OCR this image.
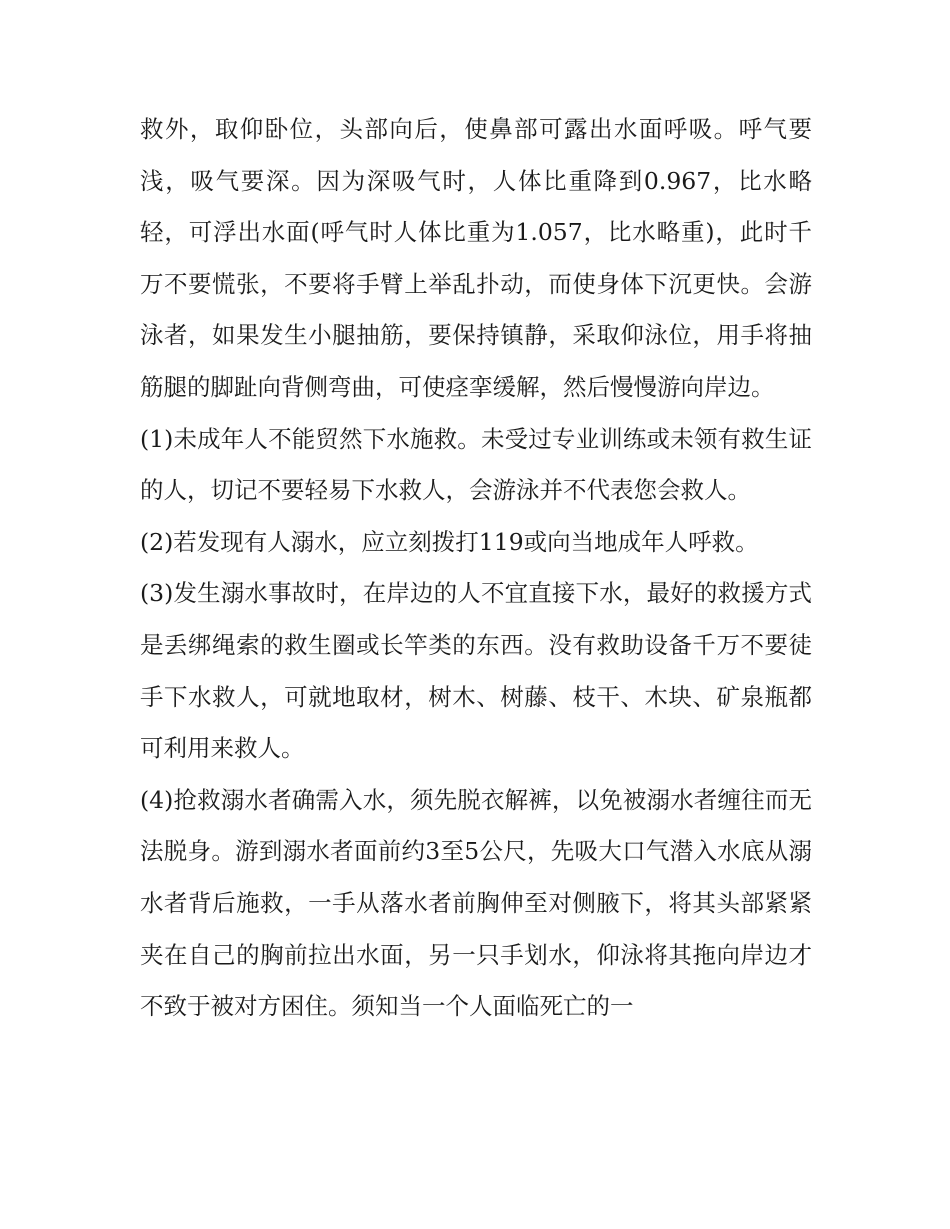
救外，取仰卧位，头部向后，使鼻部可露出水面呼吸。呼气要浅，吸气要深。因为深吸气时，人体比重降到0.967，比水略轻，可浮出水面(呼气时人体比重为1.057，比水略重)，此时千万不要慌张，不要将手臂上举乱扑动，而使身体下沉更快。会游泳者，如果发生小腿抽筋，要保持镇静，采取仰泳位，用手将抽筋腿的脚趾向背侧弯曲，可使痉挛缓解，然后慢慢游向岸边。

(1)未成年人不能贸然下水施救。未受过专业训练或未领有救生证的人，切记不要轻易下水救人，会游泳并不代表您会救人。

(2)若发现有人溺水，应立刻拨打119或向当地成年人呼救。

(3)发生溺水事故时，在岸边的人不宜直接下水，最好的救援方式是丢绑绳索的救生圈或长竿类的东西。没有救助设备千万不要徒手下水救人，可就地取材，树木、树藤、枝干、木块、矿泉瓶都可利用来救人。

(4)抢救溺水者确需入水，须先脱衣解裤，以免被溺水者缠往而无法脱身。游到溺水者面前约3至5公尺，先吸大口气潜入水底从溺水者背后施救，一手从落水者前胸伸至对侧腋下，将其头部紧紧夹在自己的胸前拉出水面，另一只手划水，仰泳将其拖向岸边才不致于被对方困住。须知当一个人面临死亡的一
